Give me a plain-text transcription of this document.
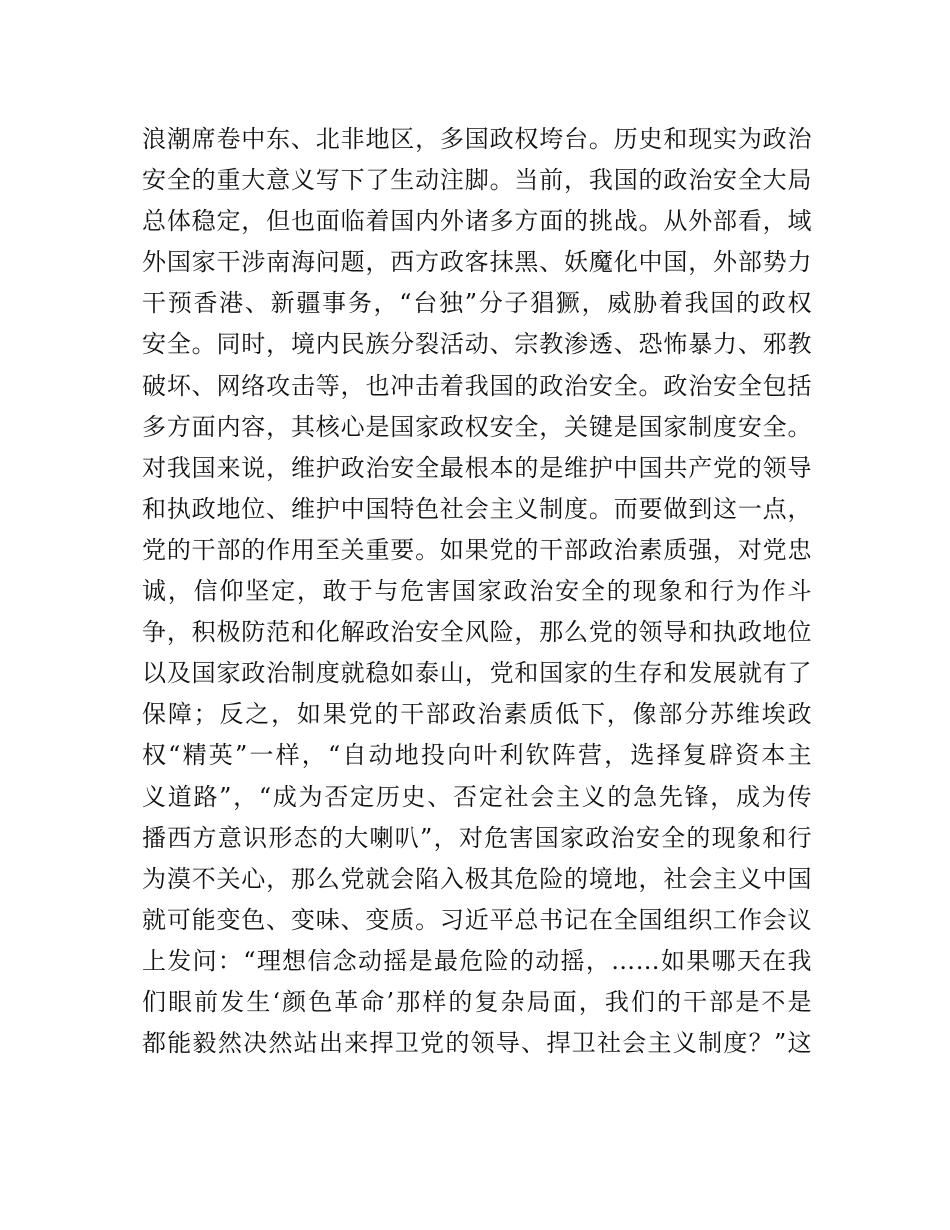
浪潮席卷中东、北非地区，多国政权垮台。历史和现实为政治
安全的重大意义写下了生动注脚。当前，我国的政治安全大局
总体稳定，但也面临着国内外诸多方面的挑战。从外部看，域
外国家干涉南海问题，西方政客抹黑、妖魔化中国，外部势力
干预香港、新疆事务，“台独”分子猖獗，威胁着我国的政权
安全。同时，境内民族分裂活动、宗教渗透、恐怖暴力、邪教
破坏、网络攻击等，也冲击着我国的政治安全。政治安全包括
多方面内容，其核心是国家政权安全，关键是国家制度安全。
对我国来说，维护政治安全最根本的是维护中国共产党的领导
和执政地位、维护中国特色社会主义制度。而要做到这一点，
党的干部的作用至关重要。如果党的干部政治素质强，对党忠
诚，信仰坚定，敢于与危害国家政治安全的现象和行为作斗
争，积极防范和化解政治安全风险，那么党的领导和执政地位
以及国家政治制度就稳如泰山，党和国家的生存和发展就有了
保障；反之，如果党的干部政治素质低下，像部分苏维埃政
权“精英”一样，“自动地投向叶利钦阵营，选择复辟资本主
义道路”，“成为否定历史、否定社会主义的急先锋，成为传
播西方意识形态的大喇叭”，对危害国家政治安全的现象和行
为漠不关心，那么党就会陷入极其危险的境地，社会主义中国
就可能变色、变味、变质。习近平总书记在全国组织工作会议
上发问：“理想信念动摇是最危险的动摇，……如果哪天在我
们眼前发生‘颜色革命’那样的复杂局面，我们的干部是不是
都能毅然决然站出来捍卫党的领导、捍卫社会主义制度？”这
